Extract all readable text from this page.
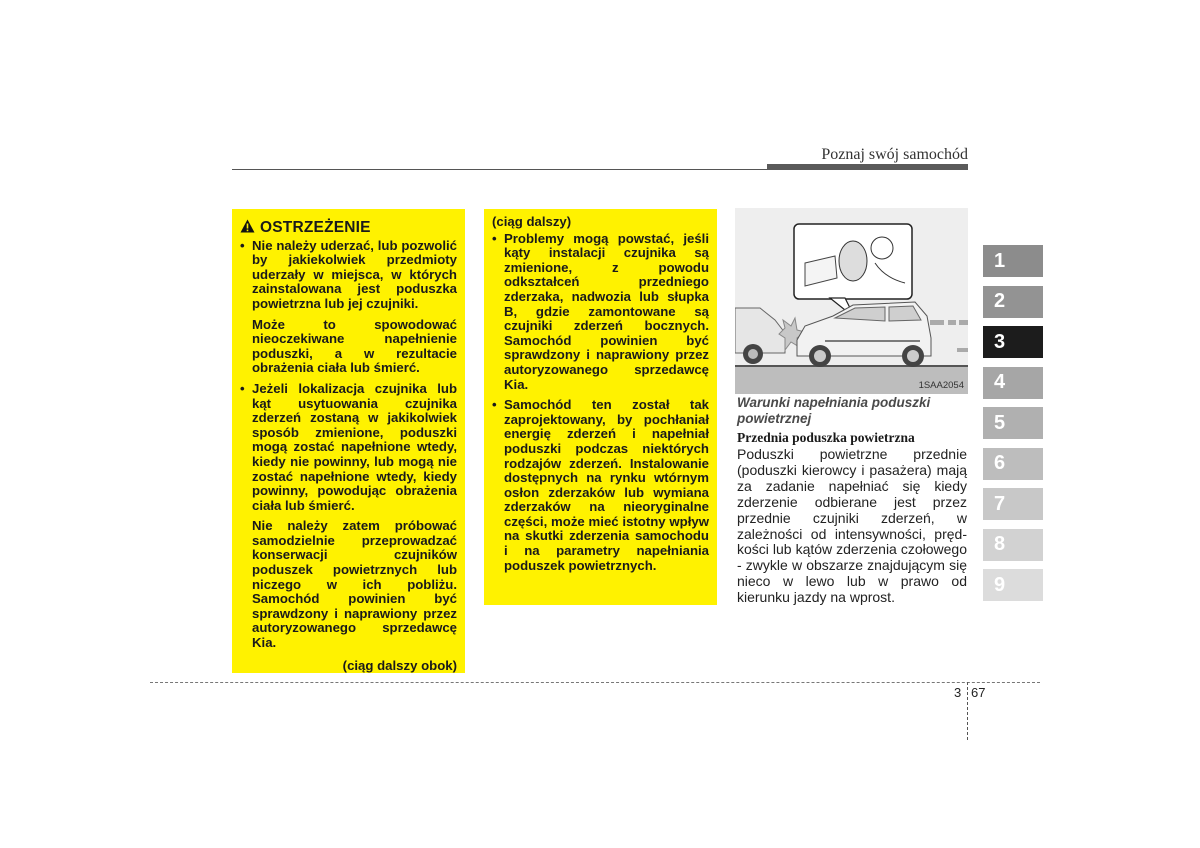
Poznaj swój samochód
OSTRZEŻENIE
• Nie należy uderzać, lub pozwolić by jakiekolwiek przedmioty uderzały w miejsca, w których zainstalowana jest poduszka powietrzna lub jej czujniki.
Może to spowodować nieoczekiwane napełnienie poduszki, a w rezultacie obrażenia ciała lub śmierć.
• Jeżeli lokalizacja czujnika lub kąt usytuowania czujnika zderzeń zostaną w jakikolwiek sposób zmienione, poduszki mogą zostać napełnione wtedy, kiedy nie powinny, lub mogą nie zostać napełnione wtedy, kiedy powinny, powodując obrażenia ciała lub śmierć.
Nie należy zatem próbować samodzielnie przeprowadzać konserwacji czujników poduszek powietrznych lub niczego w ich pobliżu. Samochód powinien być sprawdzony i naprawiony przez autoryzowanego sprzedawcę Kia.
(ciąg dalszy obok)
(ciąg dalszy)
• Problemy mogą powstać, jeśli kąty instalacji czujnika są zmienione, z powodu odkształceń przedniego zderzaka, nadwozia lub słupka B, gdzie zamontowane są czujniki zderzeń bocznych. Samochód powinien być sprawdzony i naprawiony przez autoryzowanego sprzedawcę Kia.
• Samochód ten został tak zaprojektowany, by pochłaniał energię zderzeń i napełniał poduszki podczas niektórych rodzajów zderzeń. Instalowanie dostępnych na rynku wtórnym osłon zderzaków lub wymiana zderzaków na nieoryginalne części, może mieć istotny wpływ na skutki zderzenia samochodu i na parametry napełniania poduszek powietrznych.
1SAA2054
Warunki napełniania poduszki powietrznej
Przednia poduszka powietrzna
Poduszki powietrzne przednie (poduszki kierowcy i pasażera) mają za zadanie napełniać się kiedy zderzenie odbierane jest przez przednie czujniki zderzeń, w zależności od intensywności, prędkości lub kątów zderzenia czołowego - zwykle w obszarze znajdującym się nieco w lewo lub w prawo od kierunku jazdy na wprost.
1
2
3
4
5
6
7
8
9
3 67
